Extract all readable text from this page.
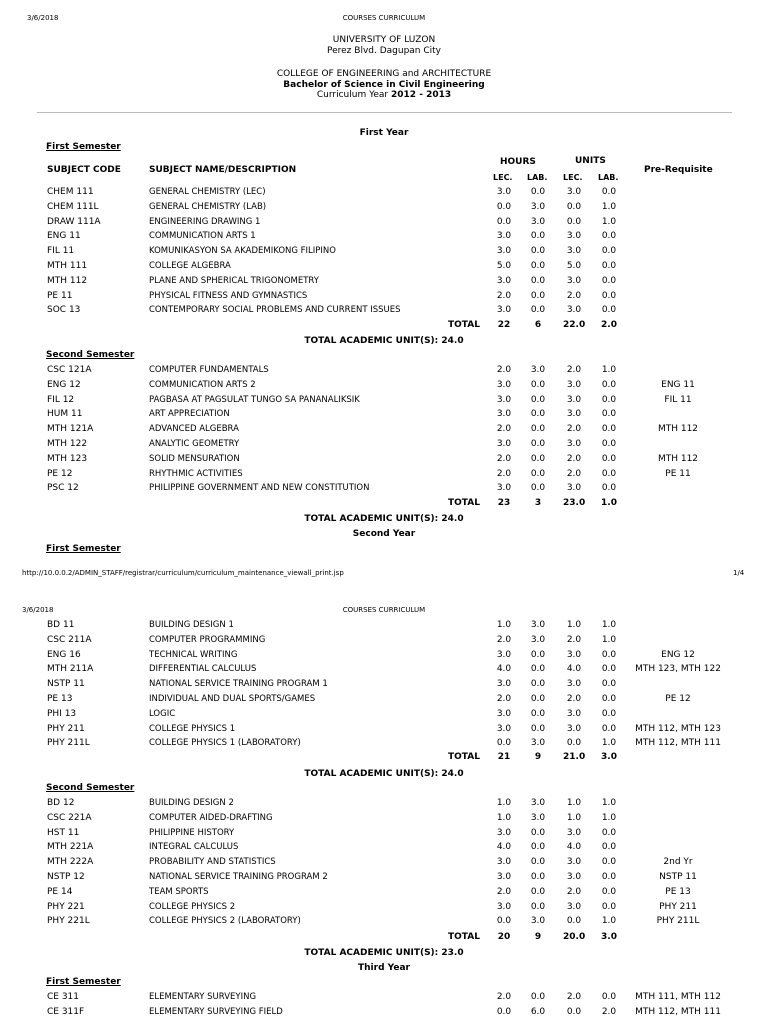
3/6/2018	COURSES CURRICULUM
UNIVERSITY OF LUZON
Perez Blvd. Dagupan City
COLLEGE OF ENGINEERING and ARCHITECTURE
Bachelor of Science in Civil Engineering
Curriculum Year 2012 - 2013
First Year
First Semester
HOURS	UNITS
SUBJECT CODE	SUBJECT NAME/DESCRIPTION	Pre-Requisite
LEC. LAB. LEC. LAB.
CHEM 111	GENERAL CHEMISTRY (LEC)	3.0	0.0	3.0	0.0
CHEM 111L	GENERAL CHEMISTRY (LAB)	0.0	3.0	0.0	1.0
DRAW 111A	ENGINEERING DRAWING 1	0.0	3.0	0.0	1.0
ENG 11	COMMUNICATION ARTS 1	3.0	0.0	3.0	0.0
FIL 11	KOMUNIKASYON SA AKADEMIKONG FILIPINO	3.0	0.0	3.0	0.0
MTH 111	COLLEGE ALGEBRA	5.0	0.0	5.0	0.0
MTH 112	PLANE AND SPHERICAL TRIGONOMETRY	3.0	0.0	3.0	0.0
PE 11	PHYSICAL FITNESS AND GYMNASTICS	2.0	0.0	2.0	0.0
SOC 13	CONTEMPORARY SOCIAL PROBLEMS AND CURRENT ISSUES	3.0	0.0	3.0	0.0
TOTAL	22	6	22.0	2.0
TOTAL ACADEMIC UNIT(S): 24.0
Second Semester
CSC 121A	COMPUTER FUNDAMENTALS	2.0	3.0	2.0	1.0
ENG 12	COMMUNICATION ARTS 2	3.0	0.0	3.0	0.0	ENG 11
FIL 12	PAGBASA AT PAGSULAT TUNGO SA PANANALIKSIK	3.0	0.0	3.0	0.0	FIL 11
HUM 11	ART APPRECIATION	3.0	0.0	3.0	0.0
MTH 121A	ADVANCED ALGEBRA	2.0	0.0	2.0	0.0	MTH 112
MTH 122	ANALYTIC GEOMETRY	3.0	0.0	3.0	0.0
MTH 123	SOLID MENSURATION	2.0	0.0	2.0	0.0	MTH 112
PE 12	RHYTHMIC ACTIVITIES	2.0	0.0	2.0	0.0	PE 11
PSC 12	PHILIPPINE GOVERNMENT AND NEW CONSTITUTION	3.0	0.0	3.0	0.0
TOTAL	23	3	23.0	1.0
TOTAL ACADEMIC UNIT(S): 24.0
Second Year
First Semester
http://10.0.0.2/ADMIN_STAFF/registrar/curriculum/curriculum_maintenance_viewall_print.jsp	1/4
3/6/2018	COURSES CURRICULUM
BD 11	BUILDING DESIGN 1	1.0	3.0	1.0	1.0
CSC 211A	COMPUTER PROGRAMMING	2.0	3.0	2.0	1.0
ENG 16	TECHNICAL WRITING	3.0	0.0	3.0	0.0	ENG 12
MTH 211A	DIFFERENTIAL CALCULUS	4.0	0.0	4.0	0.0	MTH 123, MTH 122
NSTP 11	NATIONAL SERVICE TRAINING PROGRAM 1	3.0	0.0	3.0	0.0
PE 13	INDIVIDUAL AND DUAL SPORTS/GAMES	2.0	0.0	2.0	0.0	PE 12
PHI 13	LOGIC	3.0	0.0	3.0	0.0
PHY 211	COLLEGE PHYSICS 1	3.0	0.0	3.0	0.0	MTH 112, MTH 123
PHY 211L	COLLEGE PHYSICS 1 (LABORATORY)	0.0	3.0	0.0	1.0	MTH 112, MTH 111
TOTAL	21	9	21.0	3.0
TOTAL ACADEMIC UNIT(S): 24.0
Second Semester
BD 12	BUILDING DESIGN 2	1.0	3.0	1.0	1.0
CSC 221A	COMPUTER AIDED-DRAFTING	1.0	3.0	1.0	1.0
HST 11	PHILIPPINE HISTORY	3.0	0.0	3.0	0.0
MTH 221A	INTEGRAL CALCULUS	4.0	0.0	4.0	0.0
MTH 222A	PROBABILITY AND STATISTICS	3.0	0.0	3.0	0.0	2nd Yr
NSTP 12	NATIONAL SERVICE TRAINING PROGRAM 2	3.0	0.0	3.0	0.0	NSTP 11
PE 14	TEAM SPORTS	2.0	0.0	2.0	0.0	PE 13
PHY 221	COLLEGE PHYSICS 2	3.0	0.0	3.0	0.0	PHY 211
PHY 221L	COLLEGE PHYSICS 2 (LABORATORY)	0.0	3.0	0.0	1.0	PHY 211L
TOTAL	20	9	20.0	3.0
TOTAL ACADEMIC UNIT(S): 23.0
Third Year
First Semester
CE 311	ELEMENTARY SURVEYING	2.0	0.0	2.0	0.0	MTH 111, MTH 112
CE 311F	ELEMENTARY SURVEYING FIELD	0.0	6.0	0.0	2.0	MTH 112, MTH 111
